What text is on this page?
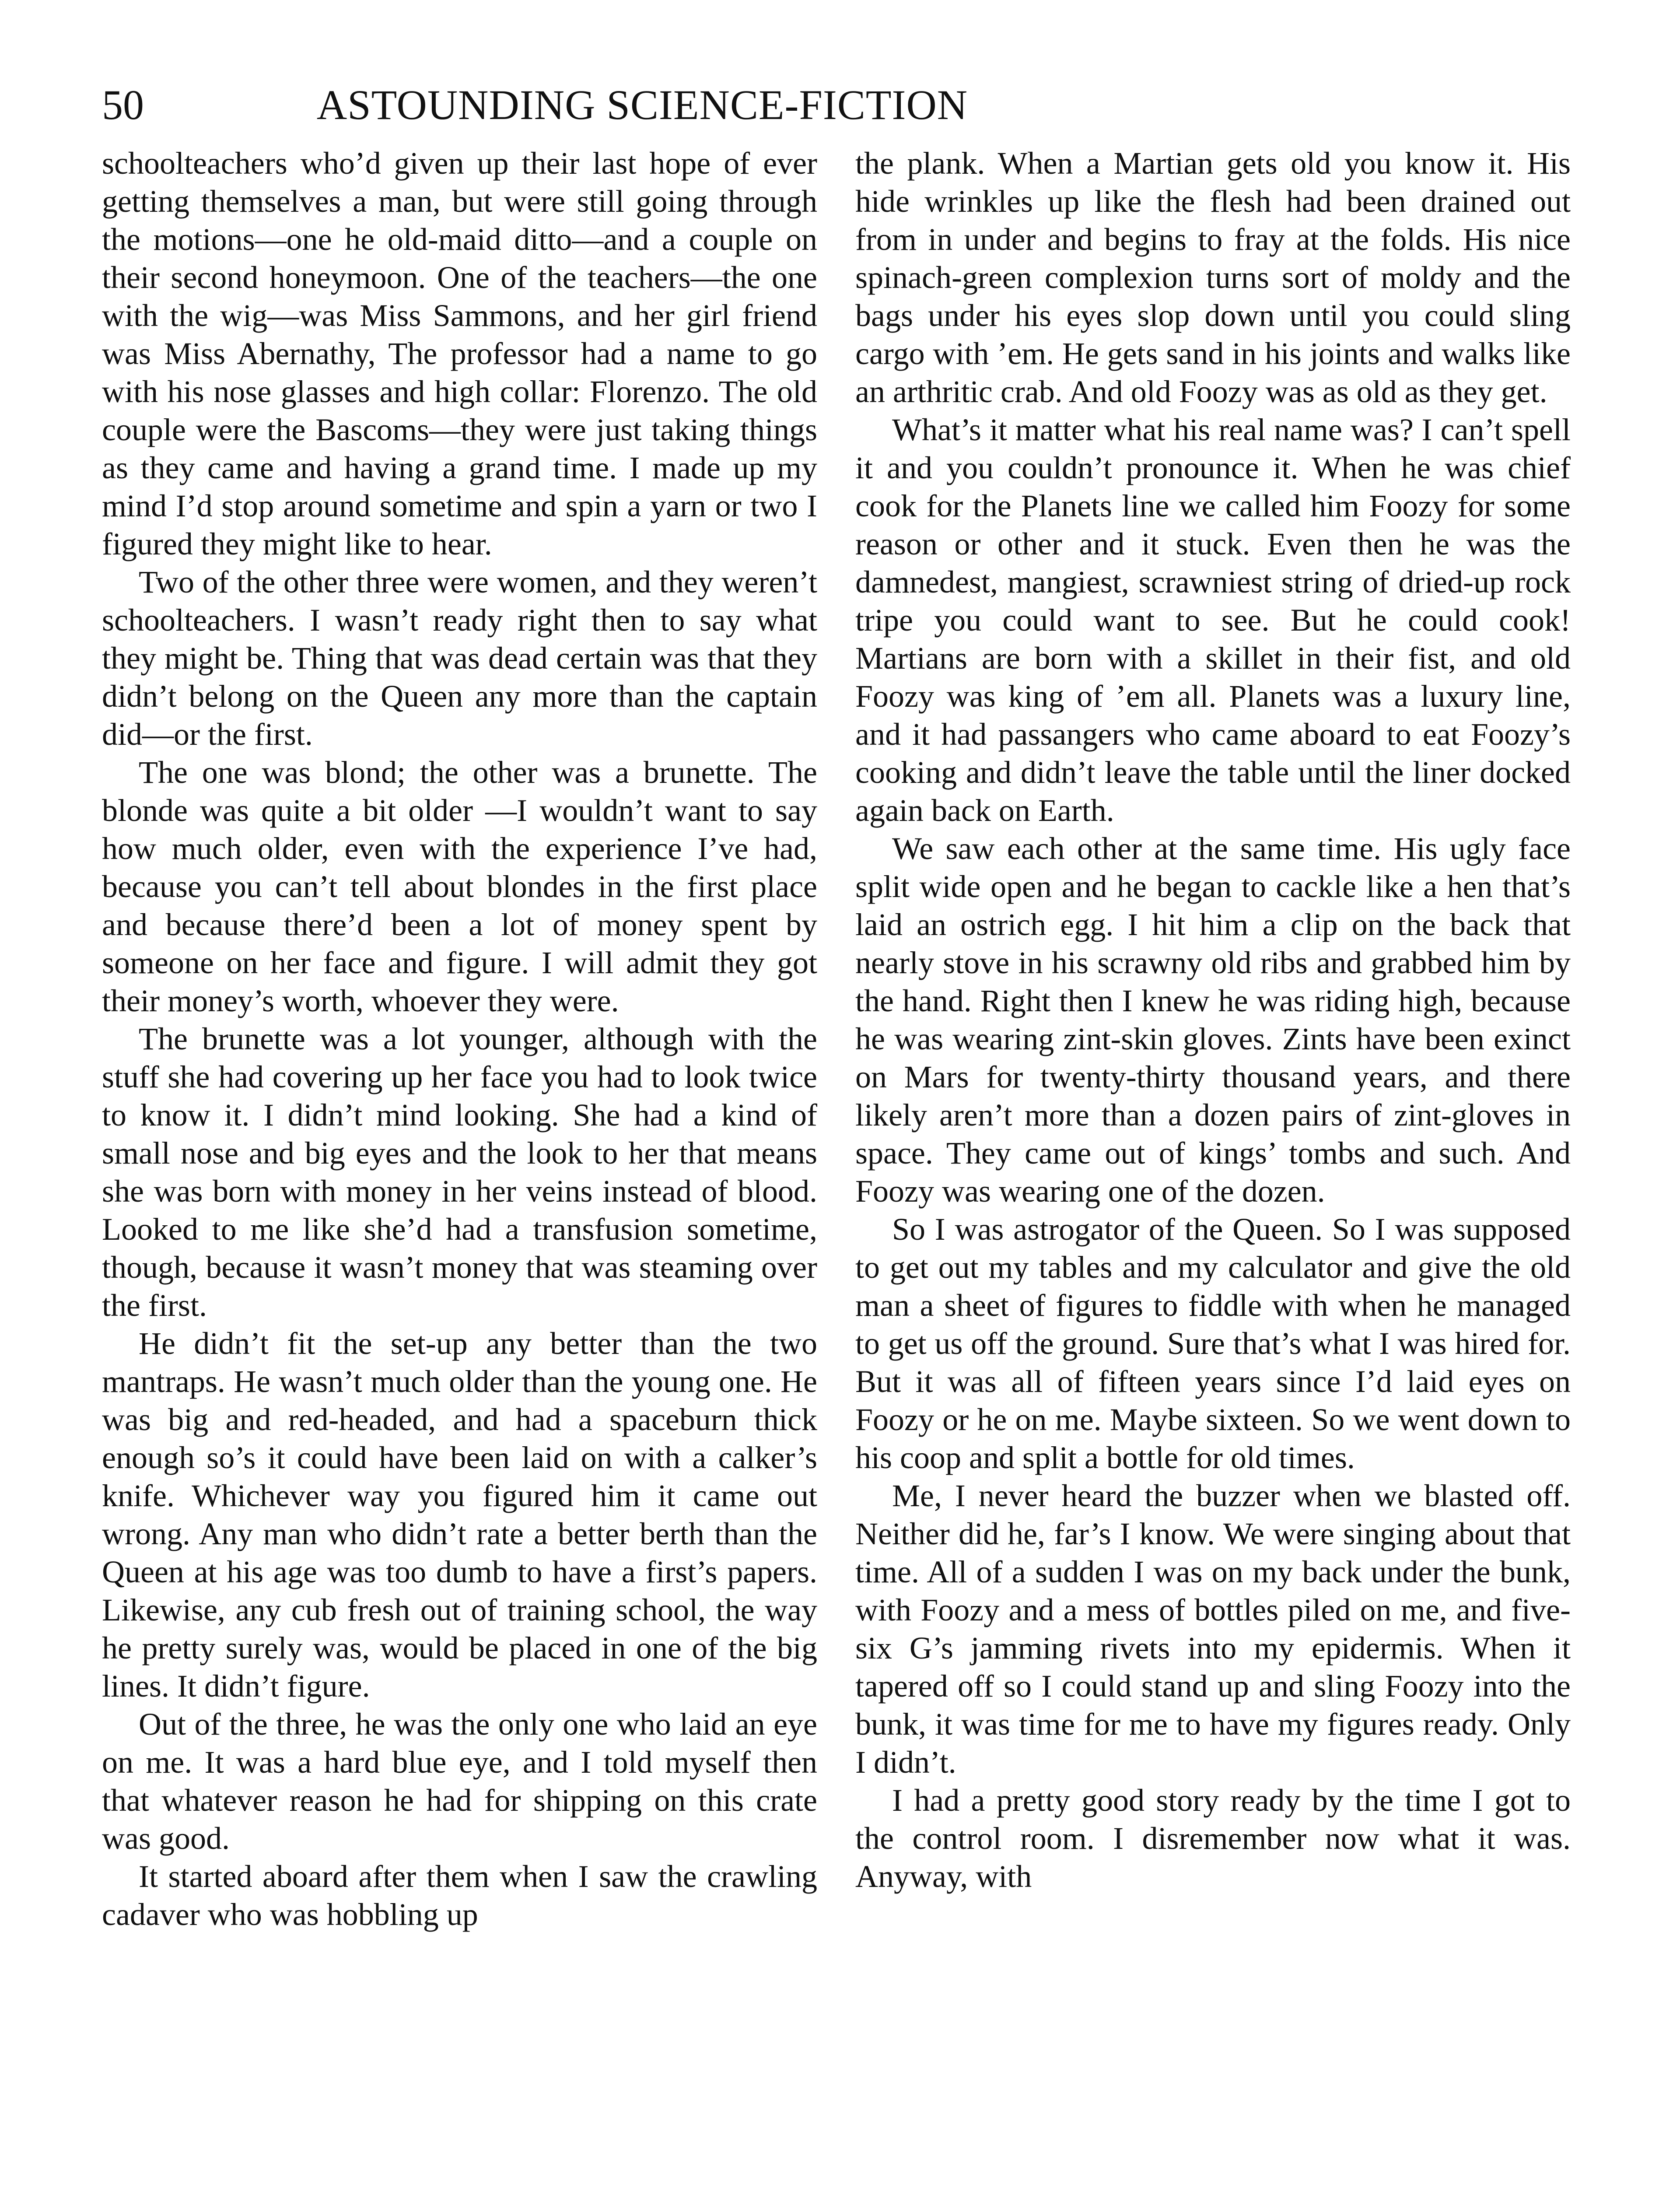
50	ASTOUNDING SCIENCE-FICTION

schoolteachers who’d given up their last hope of ever getting themselves a man, but were still going through the motions—one he old-maid ditto—and a couple on their second honeymoon. One of the teachers—the one with the wig—was Miss Sammons, and her girl friend was Miss Abernathy, The professor had a name to go with his nose glasses and high collar: Florenzo. The old couple were the Bascoms—they were just taking things as they came and having a grand time. I made up my mind I’d stop around sometime and spin a yarn or two I figured they might like to hear.

Two of the other three were women, and they weren’t schoolteachers. I wasn’t ready right then to say what they might be. Thing that was dead certain was that they didn’t belong on the Queen any more than the captain did—or the first.

The one was blond; the other was a brunette. The blonde was quite a bit older —I wouldn’t want to say how much older, even with the experience I’ve had, because you can’t tell about blondes in the first place and because there’d been a lot of money spent by someone on her face and figure. I will admit they got their money’s worth, whoever they were.

The brunette was a lot younger, although with the stuff she had covering up her face you had to look twice to know it. I didn’t mind looking. She had a kind of small nose and big eyes and the look to her that means she was born with money in her veins instead of blood. Looked to me like she’d had a transfusion sometime, though, because it wasn’t money that was steaming over the first.

He didn’t fit the set-up any better than the two mantraps. He wasn’t much older than the young one. He was big and red-headed, and had a spaceburn thick enough so’s it could have been laid on with a calker’s knife. Whichever way you figured him it came out wrong. Any man who didn’t rate a better berth than the Queen at his age was too dumb to have a first’s papers. Likewise, any cub fresh out of training school, the way he pretty surely was, would be placed in one of the big lines. It didn’t figure.

Out of the three, he was the only one who laid an eye on me. It was a hard blue eye, and I told myself then that whatever reason he had for shipping on this crate was good.

It started aboard after them when I saw the crawling cadaver who was hobbling up

the plank. When a Martian gets old you know it. His hide wrinkles up like the flesh had been drained out from in under and begins to fray at the folds. His nice spinach-green complexion turns sort of moldy and the bags under his eyes slop down until you could sling cargo with ’em. He gets sand in his joints and walks like an arthritic crab. And old Foozy was as old as they get.

What’s it matter what his real name was? I can’t spell it and you couldn’t pronounce it. When he was chief cook for the Planets line we called him Foozy for some reason or other and it stuck. Even then he was the damnedest, mangiest, scrawniest string of dried-up rock tripe you could want to see. But he could cook! Martians are born with a skillet in their fist, and old Foozy was king of ’em all. Planets was a luxury line, and it had passangers who came aboard to eat Foozy’s cooking and didn’t leave the table until the liner docked again back on Earth.

We saw each other at the same time. His ugly face split wide open and he began to cackle like a hen that’s laid an ostrich egg. I hit him a clip on the back that nearly stove in his scrawny old ribs and grabbed him by the hand. Right then I knew he was riding high, because he was wearing zint-skin gloves. Zints have been exinct on Mars for twenty-thirty thousand years, and there likely aren’t more than a dozen pairs of zint-gloves in space. They came out of kings’ tombs and such. And Foozy was wearing one of the dozen.

So I was astrogator of the Queen. So I was supposed to get out my tables and my calculator and give the old man a sheet of figures to fiddle with when he managed to get us off the ground. Sure that’s what I was hired for. But it was all of fifteen years since I’d laid eyes on Foozy or he on me. Maybe sixteen. So we went down to his coop and split a bottle for old times.

Me, I never heard the buzzer when we blasted off. Neither did he, far’s I know. We were singing about that time. All of a sudden I was on my back under the bunk, with Foozy and a mess of bottles piled on me, and five-six G’s jamming rivets into my epidermis. When it tapered off so I could stand up and sling Foozy into the bunk, it was time for me to have my figures ready. Only I didn’t.

I had a pretty good story ready by the time I got to the control room. I disremember now what it was. Anyway, with
